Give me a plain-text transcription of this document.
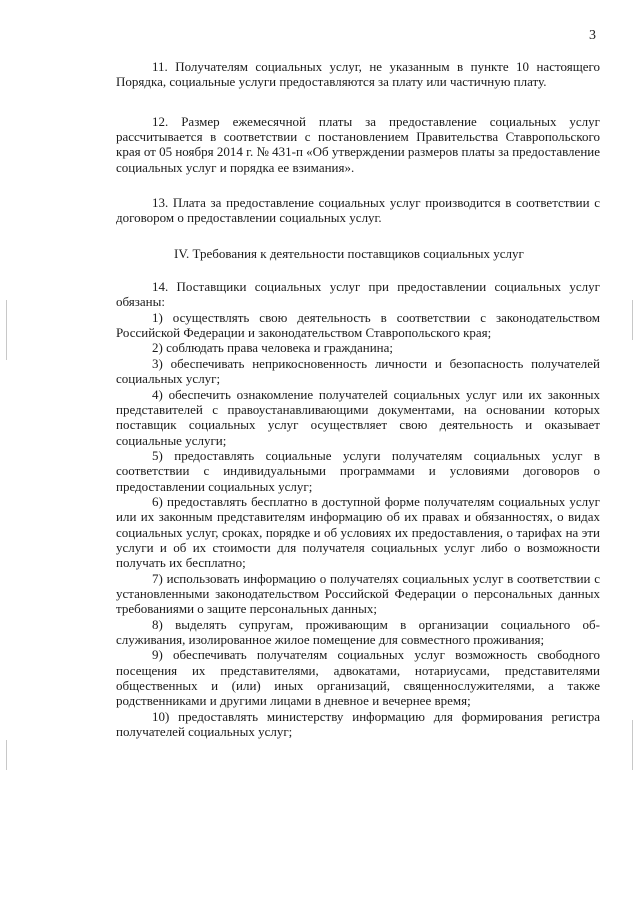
3

11. Получателям социальных услуг, не указанным в пункте 10 настоящего Порядка, социальные услуги предоставляются за плату или частичную плату.

12. Размер ежемесячной платы за предоставление социальных услуг рассчитывается в соответствии с постановлением Правительства Ставропольского края от 05 ноября 2014 г. № 431-п «Об утверждении размеров платы за предоставление социальных услуг и порядка ее взимания».

13. Плата за предоставление социальных услуг производится в соответствии с договором о предоставлении социальных услуг.

IV. Требования к деятельности поставщиков социальных услуг

14. Поставщики социальных услуг при предоставлении социальных услуг обязаны:

1) осуществлять свою деятельность в соответствии с законодательством Российской Федерации и законодательством Ставропольского края;

2) соблюдать права человека и гражданина;

3) обеспечивать неприкосновенность личности и безопасность получателей социальных услуг;

4) обеспечить ознакомление получателей социальных услуг или их законных представителей с правоустанавливающими документами, на основании которых поставщик социальных услуг осуществляет свою деятельность и оказывает социальные услуги;

5) предоставлять социальные услуги получателям социальных услуг в соответствии с индивидуальными программами и условиями договоров о предоставлении социальных услуг;

6) предоставлять бесплатно в доступной форме получателям социальных услуг или их законным представителям информацию об их правах и обязанностях, о видах социальных услуг, сроках, порядке и об условиях их предоставления, о тарифах на эти услуги и об их стоимости для получателя социальных услуг либо о возможности получать их бесплатно;

7) использовать информацию о получателях социальных услуг в соответствии с установленными законодательством Российской Федерации о персональных данных требованиями о защите персональных данных;

8) выделять супругам, проживающим в организации социального обслуживания, изолированное жилое помещение для совместного проживания;

9) обеспечивать получателям социальных услуг возможность свободного посещения их представителями, адвокатами, нотариусами, представителями общественных и (или) иных организаций, священнослужителями, а также родственниками и другими лицами в дневное и вечернее время;

10) предоставлять министерству информацию для формирования регистра получателей социальных услуг;
